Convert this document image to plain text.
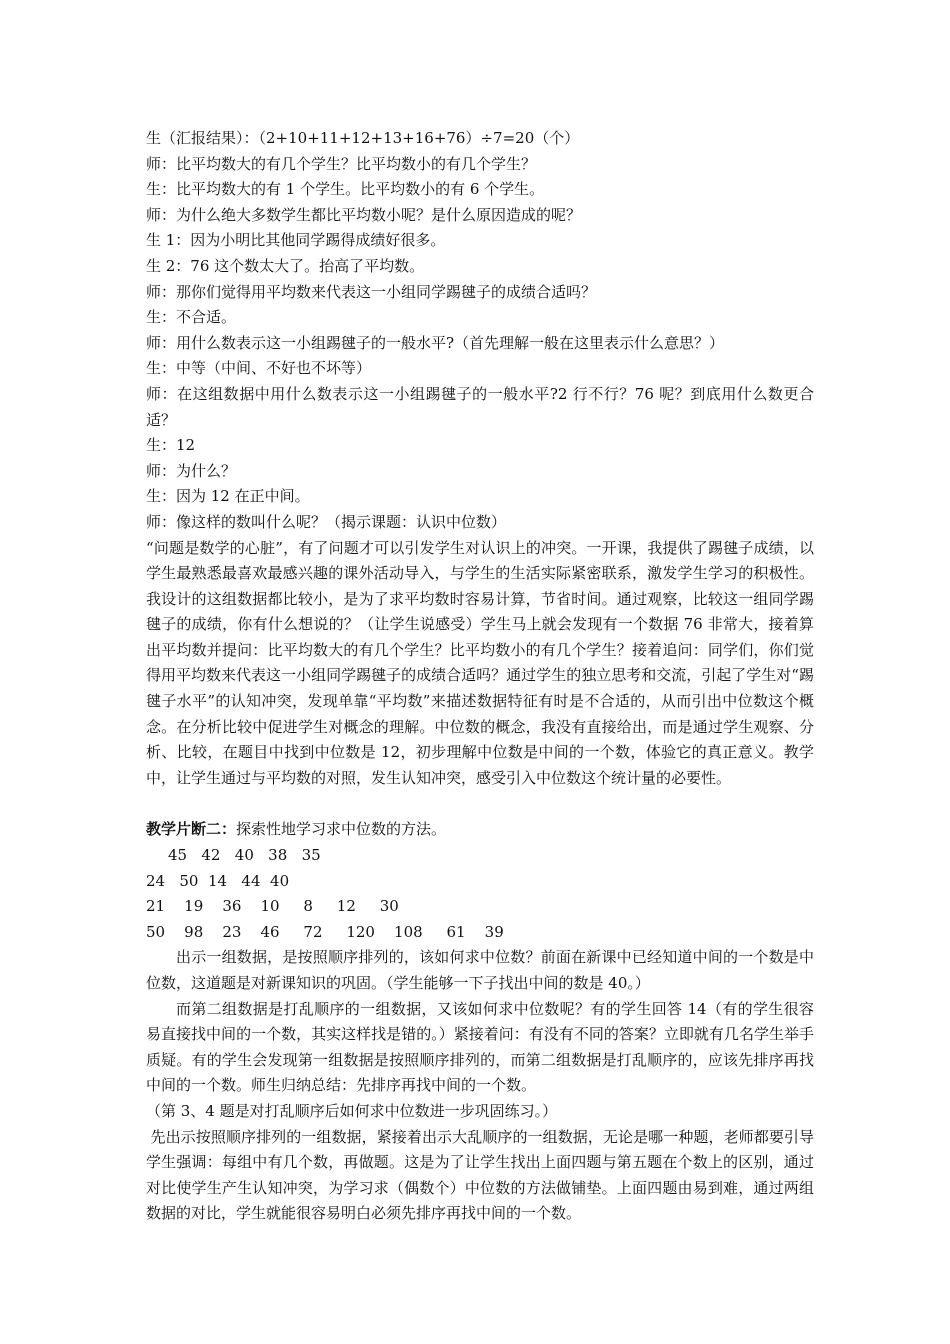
生（汇报结果）：（2+10+11+12+13+16+76）÷7=20（个）
师：比平均数大的有几个学生？比平均数小的有几个学生？
生：比平均数大的有 1 个学生。比平均数小的有 6 个学生。
师：为什么绝大多数学生都比平均数小呢？是什么原因造成的呢？
生 1：因为小明比其他同学踢得成绩好很多。
生 2：76 这个数太大了。抬高了平均数。
师：那你们觉得用平均数来代表这一小组同学踢毽子的成绩合适吗？
生：不合适。
师：用什么数表示这一小组踢毽子的一般水平?（首先理解一般在这里表示什么意思？）
生：中等（中间、不好也不坏等）
师：在这组数据中用什么数表示这一小组踢毽子的一般水平?2 行不行？76 呢？到底用什么数更合适？
生：12
师：为什么？
生：因为 12 在正中间。
师：像这样的数叫什么呢？（揭示课题：认识中位数）
“问题是数学的心脏”，有了问题才可以引发学生对认识上的冲突。一开课，我提供了踢毽子成绩，以学生最熟悉最喜欢最感兴趣的课外活动导入，与学生的生活实际紧密联系，激发学生学习的积极性。我设计的这组数据都比较小，是为了求平均数时容易计算，节省时间。通过观察，比较这一组同学踢毽子的成绩，你有什么想说的？（让学生说感受）学生马上就会发现有一个数据 76 非常大，接着算出平均数并提问：比平均数大的有几个学生？比平均数小的有几个学生？接着追问：同学们，你们觉得用平均数来代表这一小组同学踢毽子的成绩合适吗？通过学生的独立思考和交流，引起了学生对“踢毽子水平”的认知冲突，发现单靠“平均数”来描述数据特征有时是不合适的，从而引出中位数这个概念。在分析比较中促进学生对概念的理解。中位数的概念，我没有直接给出，而是通过学生观察、分析、比较，在题目中找到中位数是 12，初步理解中位数是中间的一个数，体验它的真正意义。教学中，让学生通过与平均数的对照，发生认知冲突，感受引入中位数这个统计量的必要性。
教学片断二：探索性地学习求中位数的方法。
45   42   40   38   35
24   50  14   44  40
21    19    36    10     8     12     30
50    98    23    46     72     120    108     61    39
出示一组数据，是按照顺序排列的，该如何求中位数？前面在新课中已经知道中间的一个数是中位数，这道题是对新课知识的巩固。（学生能够一下子找出中间的数是 40。）
而第二组数据是打乱顺序的一组数据，又该如何求中位数呢？有的学生回答 14（有的学生很容易直接找中间的一个数，其实这样找是错的。）紧接着问：有没有不同的答案？立即就有几名学生举手质疑。有的学生会发现第一组数据是按照顺序排列的，而第二组数据是打乱顺序的，应该先排序再找中间的一个数。师生归纳总结：先排序再找中间的一个数。
（第 3、4 题是对打乱顺序后如何求中位数进一步巩固练习。）
先出示按照顺序排列的一组数据，紧接着出示大乱顺序的一组数据，无论是哪一种题，老师都要引导学生强调：每组中有几个数，再做题。这是为了让学生找出上面四题与第五题在个数上的区别，通过对比使学生产生认知冲突，为学习求（偶数个）中位数的方法做铺垫。上面四题由易到难，通过两组数据的对比，学生就能很容易明白必须先排序再找中间的一个数。
